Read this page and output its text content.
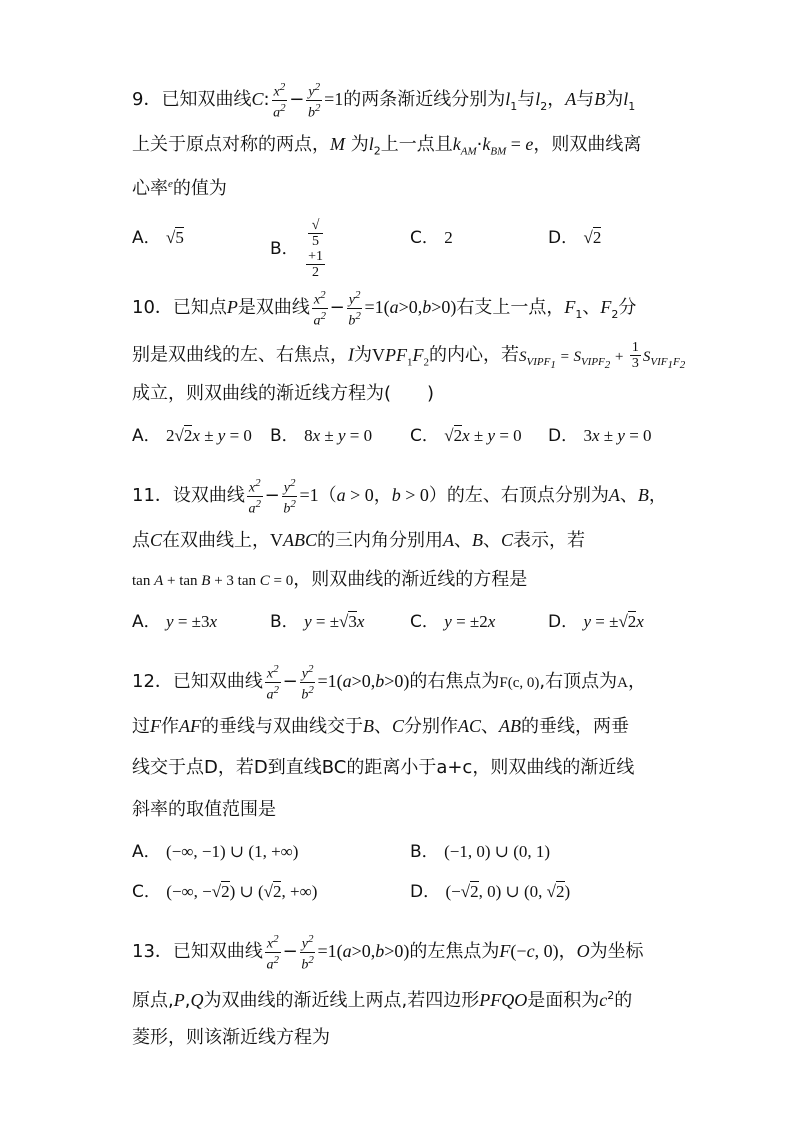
9．已知双曲线C: $\frac{x^2}{a^2} - \frac{y^2}{b^2} =1$的两条渐近线分别为$l_1$与$l_2$，A与B为$l_1$
上关于原点对称的两点，M 为$l_2$上一点且$k_{AM}\cdot k_{BM} = e$，则双曲线离
心率$^e$的值为
A． √5
B． √
5
+1
2	C． 2	D． √2
10．已知点P是双曲线 $\frac{x^2}{a^2} - \frac{y^2}{b^2} =1(a>0,b>0)$右支上一点，$F_1$、$F_2$分
别是双曲线的左、右焦点，I为$VPF_1F_2$的内心，若$S_{VIPF_1} = S_{VIPF_2} + \frac{1}{3} S_{VIF_1F_2}$
成立，则双曲线的渐近线方程为(　　)
A． 2√2x ± y = 0 B． 8x ± y = 0 C． √2x ± y = 0 D． 3x ± y = 0
11．设双曲线 $\frac{x^2}{a^2} - \frac{y^2}{b^2} =1(a > 0$，b > 0）的左、右顶点分别为A、B，
点C在双曲线上，VABC的三内角分别用A、B、C表示，若
tan A + tan B + 3 tan C = 0，则双曲线的渐近线的方程是
A． y = ±3x	B． y = ±√3x	C． y = ±2x	D． y = ±√2x
12．已知双曲线 $\frac{x^2}{a^2} - \frac{y^2}{b^2} =1(a>0,b>0)$的右焦点为F(c, 0),右顶点为A，
过F作AF的垂线与双曲线交于B、C分别作AC、AB的垂线，两垂
线交于点D，若D到直线BC的距离小于a+c，则双曲线的渐近线
斜率的取值范围是
A． (−∞, −1) ∪ (1, +∞)	B． (−1, 0) ∪ (0, 1)
C． (−∞, −√2) ∪ (√2, +∞)	D． (−√2, 0) ∪ (0, √2)
13．已知双曲线 $\frac{x^2}{a^2} - \frac{y^2}{b^2} =1(a>0,b>0)$的左焦点为F(−c, 0)，O为坐标
原点,P,Q为双曲线的渐近线上两点,若四边形PFQO是面积为$c^2$的
菱形，则该渐近线方程为
